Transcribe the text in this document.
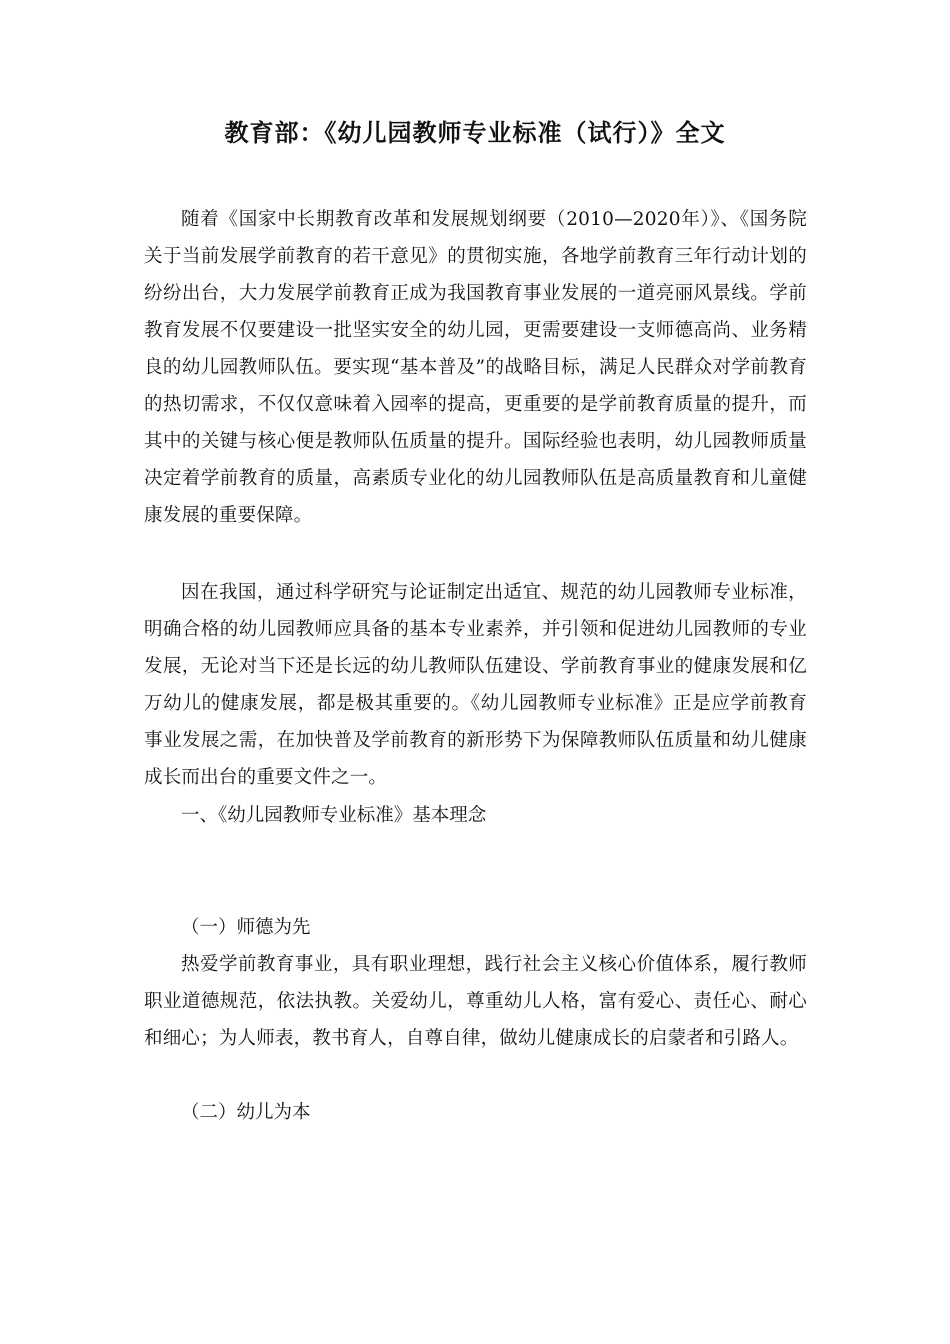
教育部：《幼儿园教师专业标准（试行）》全文

随着《国家中长期教育改革和发展规划纲要（2010—2020年）》、《国务院关于当前发展学前教育的若干意见》的贯彻实施，各地学前教育三年行动计划的纷纷出台，大力发展学前教育正成为我国教育事业发展的一道亮丽风景线。学前教育发展不仅要建设一批坚实安全的幼儿园，更需要建设一支师德高尚、业务精良的幼儿园教师队伍。要实现“基本普及”的战略目标，满足人民群众对学前教育的热切需求，不仅仅意味着入园率的提高，更重要的是学前教育质量的提升，而其中的关键与核心便是教师队伍质量的提升。国际经验也表明，幼儿园教师质量决定着学前教育的质量，高素质专业化的幼儿园教师队伍是高质量教育和儿童健康发展的重要保障。

因在我国，通过科学研究与论证制定出适宜、规范的幼儿园教师专业标准，明确合格的幼儿园教师应具备的基本专业素养，并引领和促进幼儿园教师的专业发展，无论对当下还是长远的幼儿教师队伍建设、学前教育事业的健康发展和亿万幼儿的健康发展，都是极其重要的。《幼儿园教师专业标准》正是应学前教育事业发展之需，在加快普及学前教育的新形势下为保障教师队伍质量和幼儿健康成长而出台的重要文件之一。

一、《幼儿园教师专业标准》基本理念

（一）师德为先

热爱学前教育事业，具有职业理想，践行社会主义核心价值体系，履行教师职业道德规范，依法执教。关爱幼儿，尊重幼儿人格，富有爱心、责任心、耐心和细心；为人师表，教书育人，自尊自律，做幼儿健康成长的启蒙者和引路人。

（二）幼儿为本
